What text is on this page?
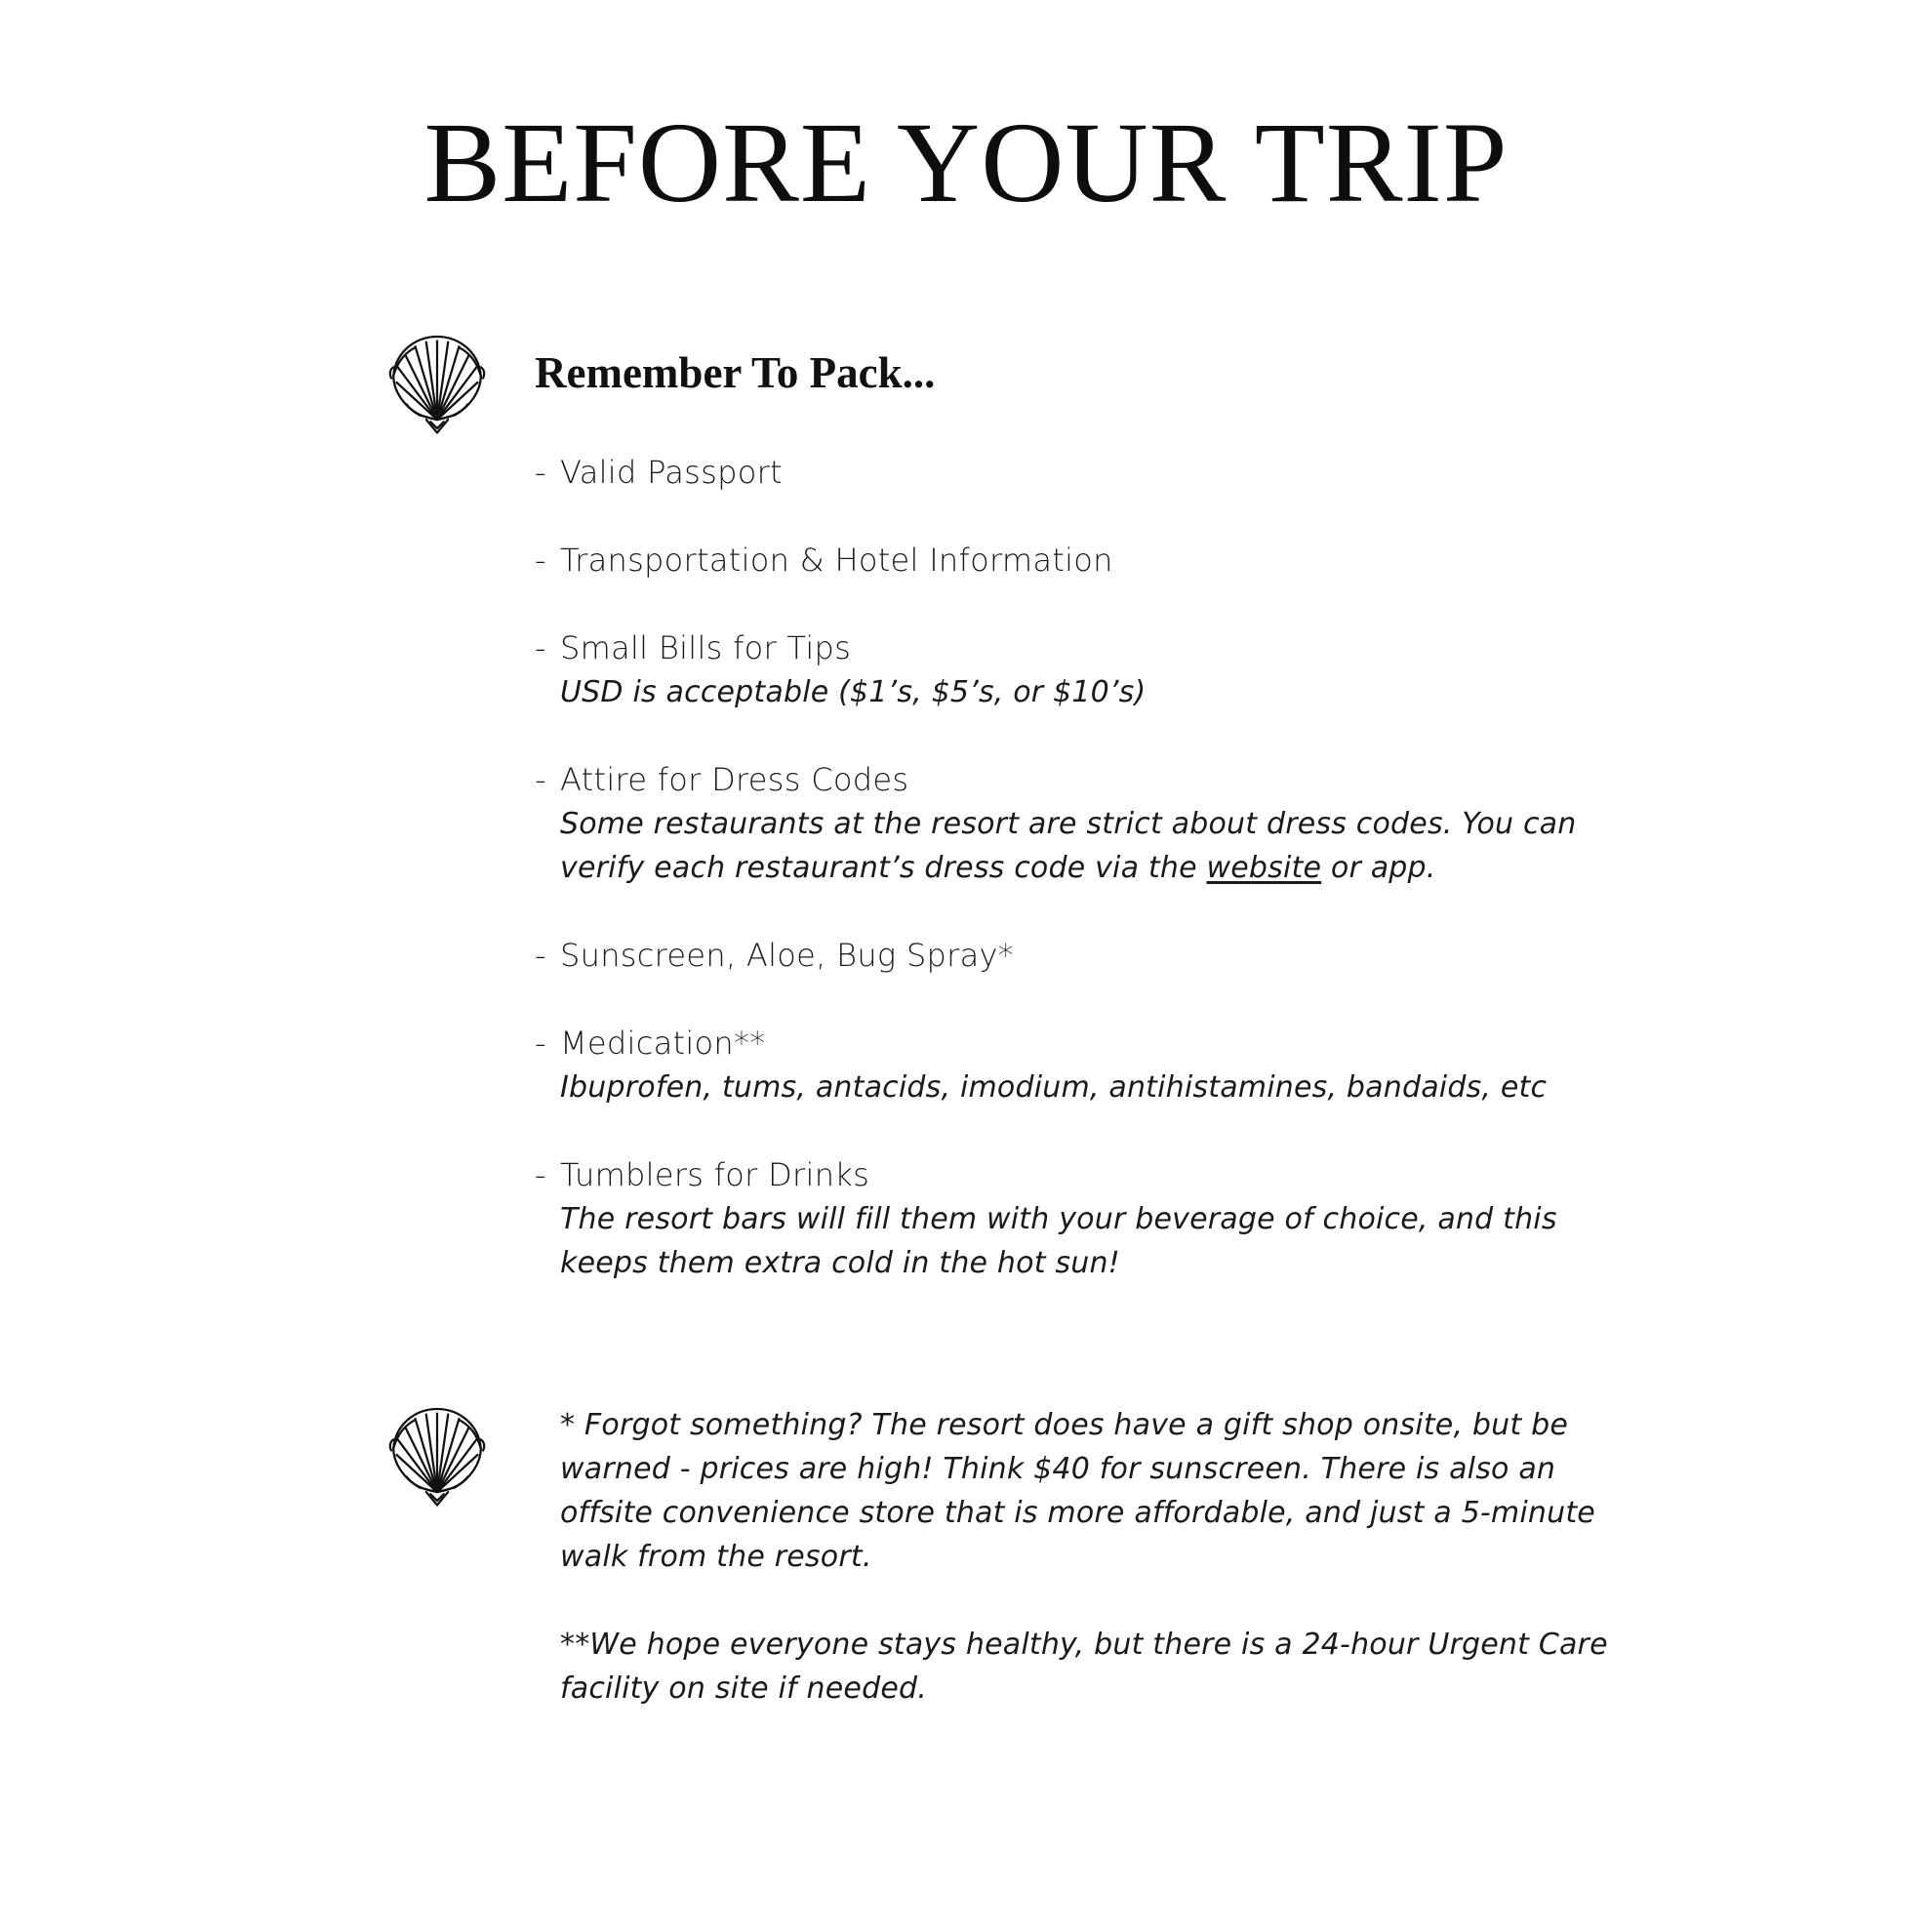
BEFORE YOUR TRIP
Remember To Pack...
- Valid Passport
- Transportation & Hotel Information
- Small Bills for Tips
USD is acceptable ($1’s, $5’s, or $10’s)
- Attire for Dress Codes
Some restaurants at the resort are strict about dress codes. You can verify each restaurant’s dress code via the website or app.
- Sunscreen, Aloe, Bug Spray*
- Medication**
Ibuprofen, tums, antacids, imodium, antihistamines, bandaids, etc
- Tumblers for Drinks
The resort bars will fill them with your beverage of choice, and this keeps them extra cold in the hot sun!

* Forgot something? The resort does have a gift shop onsite, but be warned - prices are high! Think $40 for sunscreen. There is also an offsite convenience store that is more affordable, and just a 5-minute walk from the resort.

**We hope everyone stays healthy, but there is a 24-hour Urgent Care facility on site if needed.
